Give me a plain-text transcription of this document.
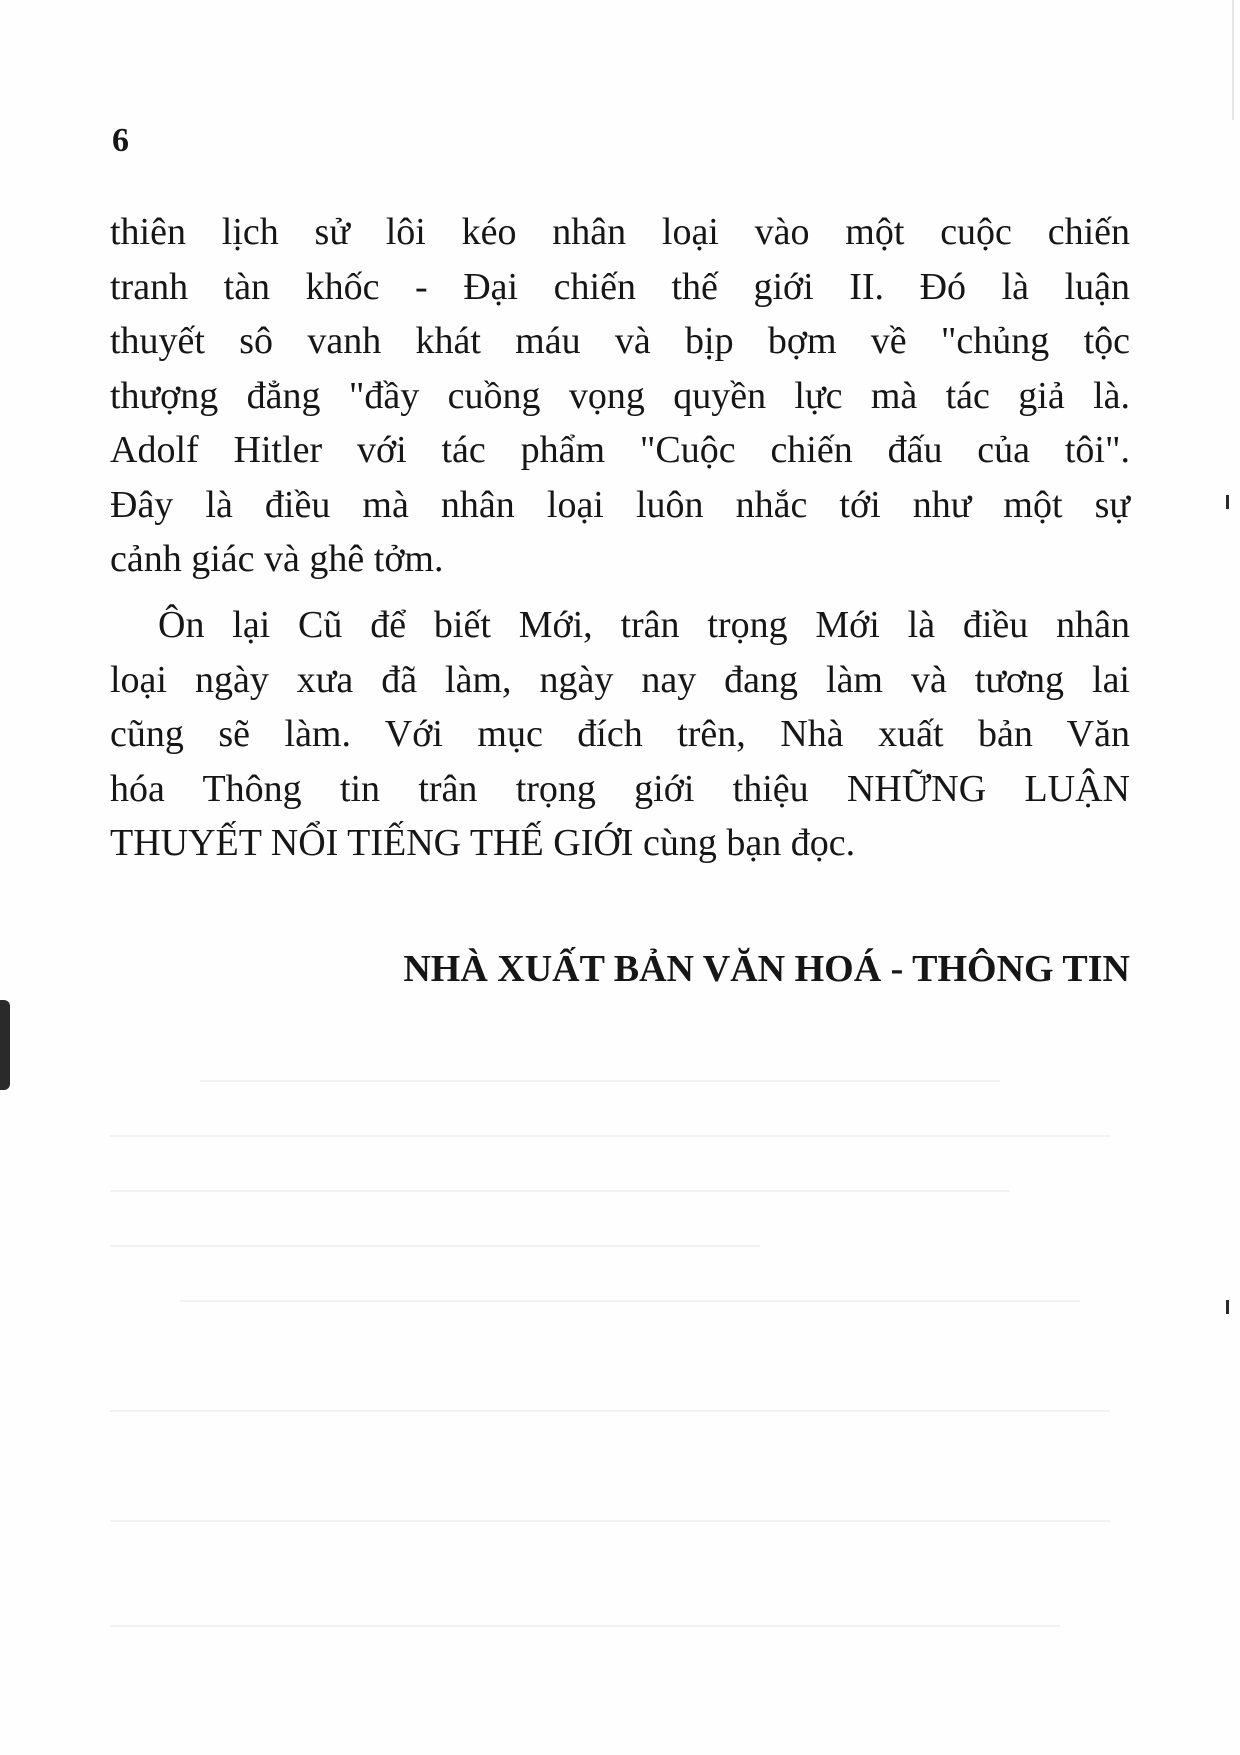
6
thiên lịch sử lôi kéo nhân loại vào một cuộc chiến
tranh tàn khốc - Đại chiến thế giới II. Đó là luận
thuyết sô vanh khát máu và bịp bợm về "chủng tộc
thượng đẳng "đầy cuồng vọng quyền lực mà tác giả là.
Adolf Hitler với tác phẩm "Cuộc chiến đấu của tôi".
Đây là điều mà nhân loại luôn nhắc tới như một sự
cảnh giác và ghê tởm.
Ôn lại Cũ để biết Mới, trân trọng Mới là điều nhân
loại ngày xưa đã làm, ngày nay đang làm và tương lai
cũng sẽ làm. Với mục đích trên, Nhà xuất bản Văn
hóa Thông tin trân trọng giới thiệu NHỮNG LUẬN
THUYẾT NỔI TIẾNG THẾ GIỚI cùng bạn đọc.
NHÀ XUẤT BẢN VĂN HOÁ - THÔNG TIN
